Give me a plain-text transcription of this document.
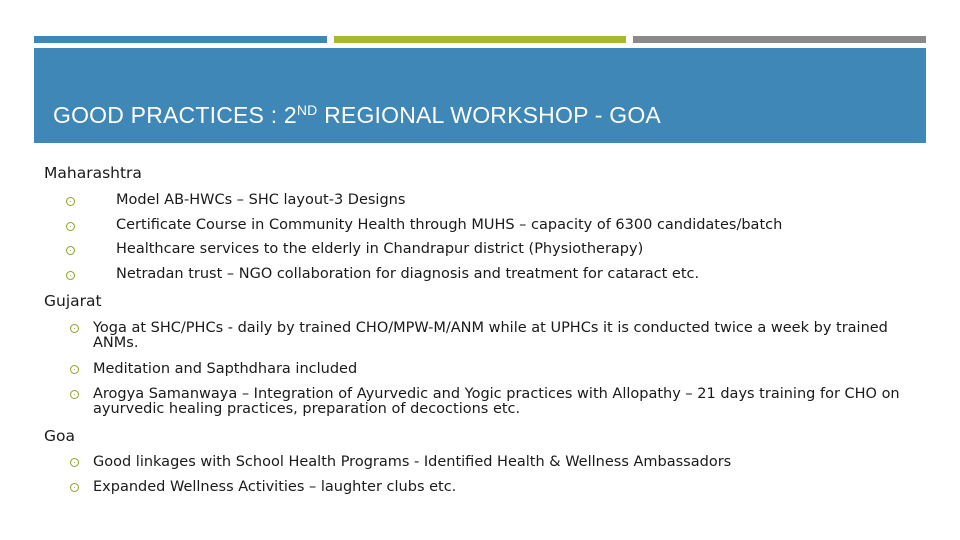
GOOD PRACTICES : 2ND REGIONAL WORKSHOP - GOA
Maharashtra
Model AB-HWCs – SHC layout-3 Designs
Certificate Course in Community Health through MUHS – capacity of 6300 candidates/batch
Healthcare services to the elderly in Chandrapur district (Physiotherapy)
Netradan trust – NGO collaboration for diagnosis and treatment for cataract etc.
Gujarat
Yoga at SHC/PHCs - daily by trained CHO/MPW-M/ANM while at UPHCs it is conducted twice a week by trained ANMs.
Meditation and Sapthdhara included
Arogya Samanwaya – Integration of Ayurvedic and Yogic practices with Allopathy – 21 days training for CHO on ayurvedic healing practices, preparation of decoctions etc.
Goa
Good linkages with School Health Programs - Identified Health & Wellness Ambassadors
Expanded Wellness Activities – laughter clubs etc.
